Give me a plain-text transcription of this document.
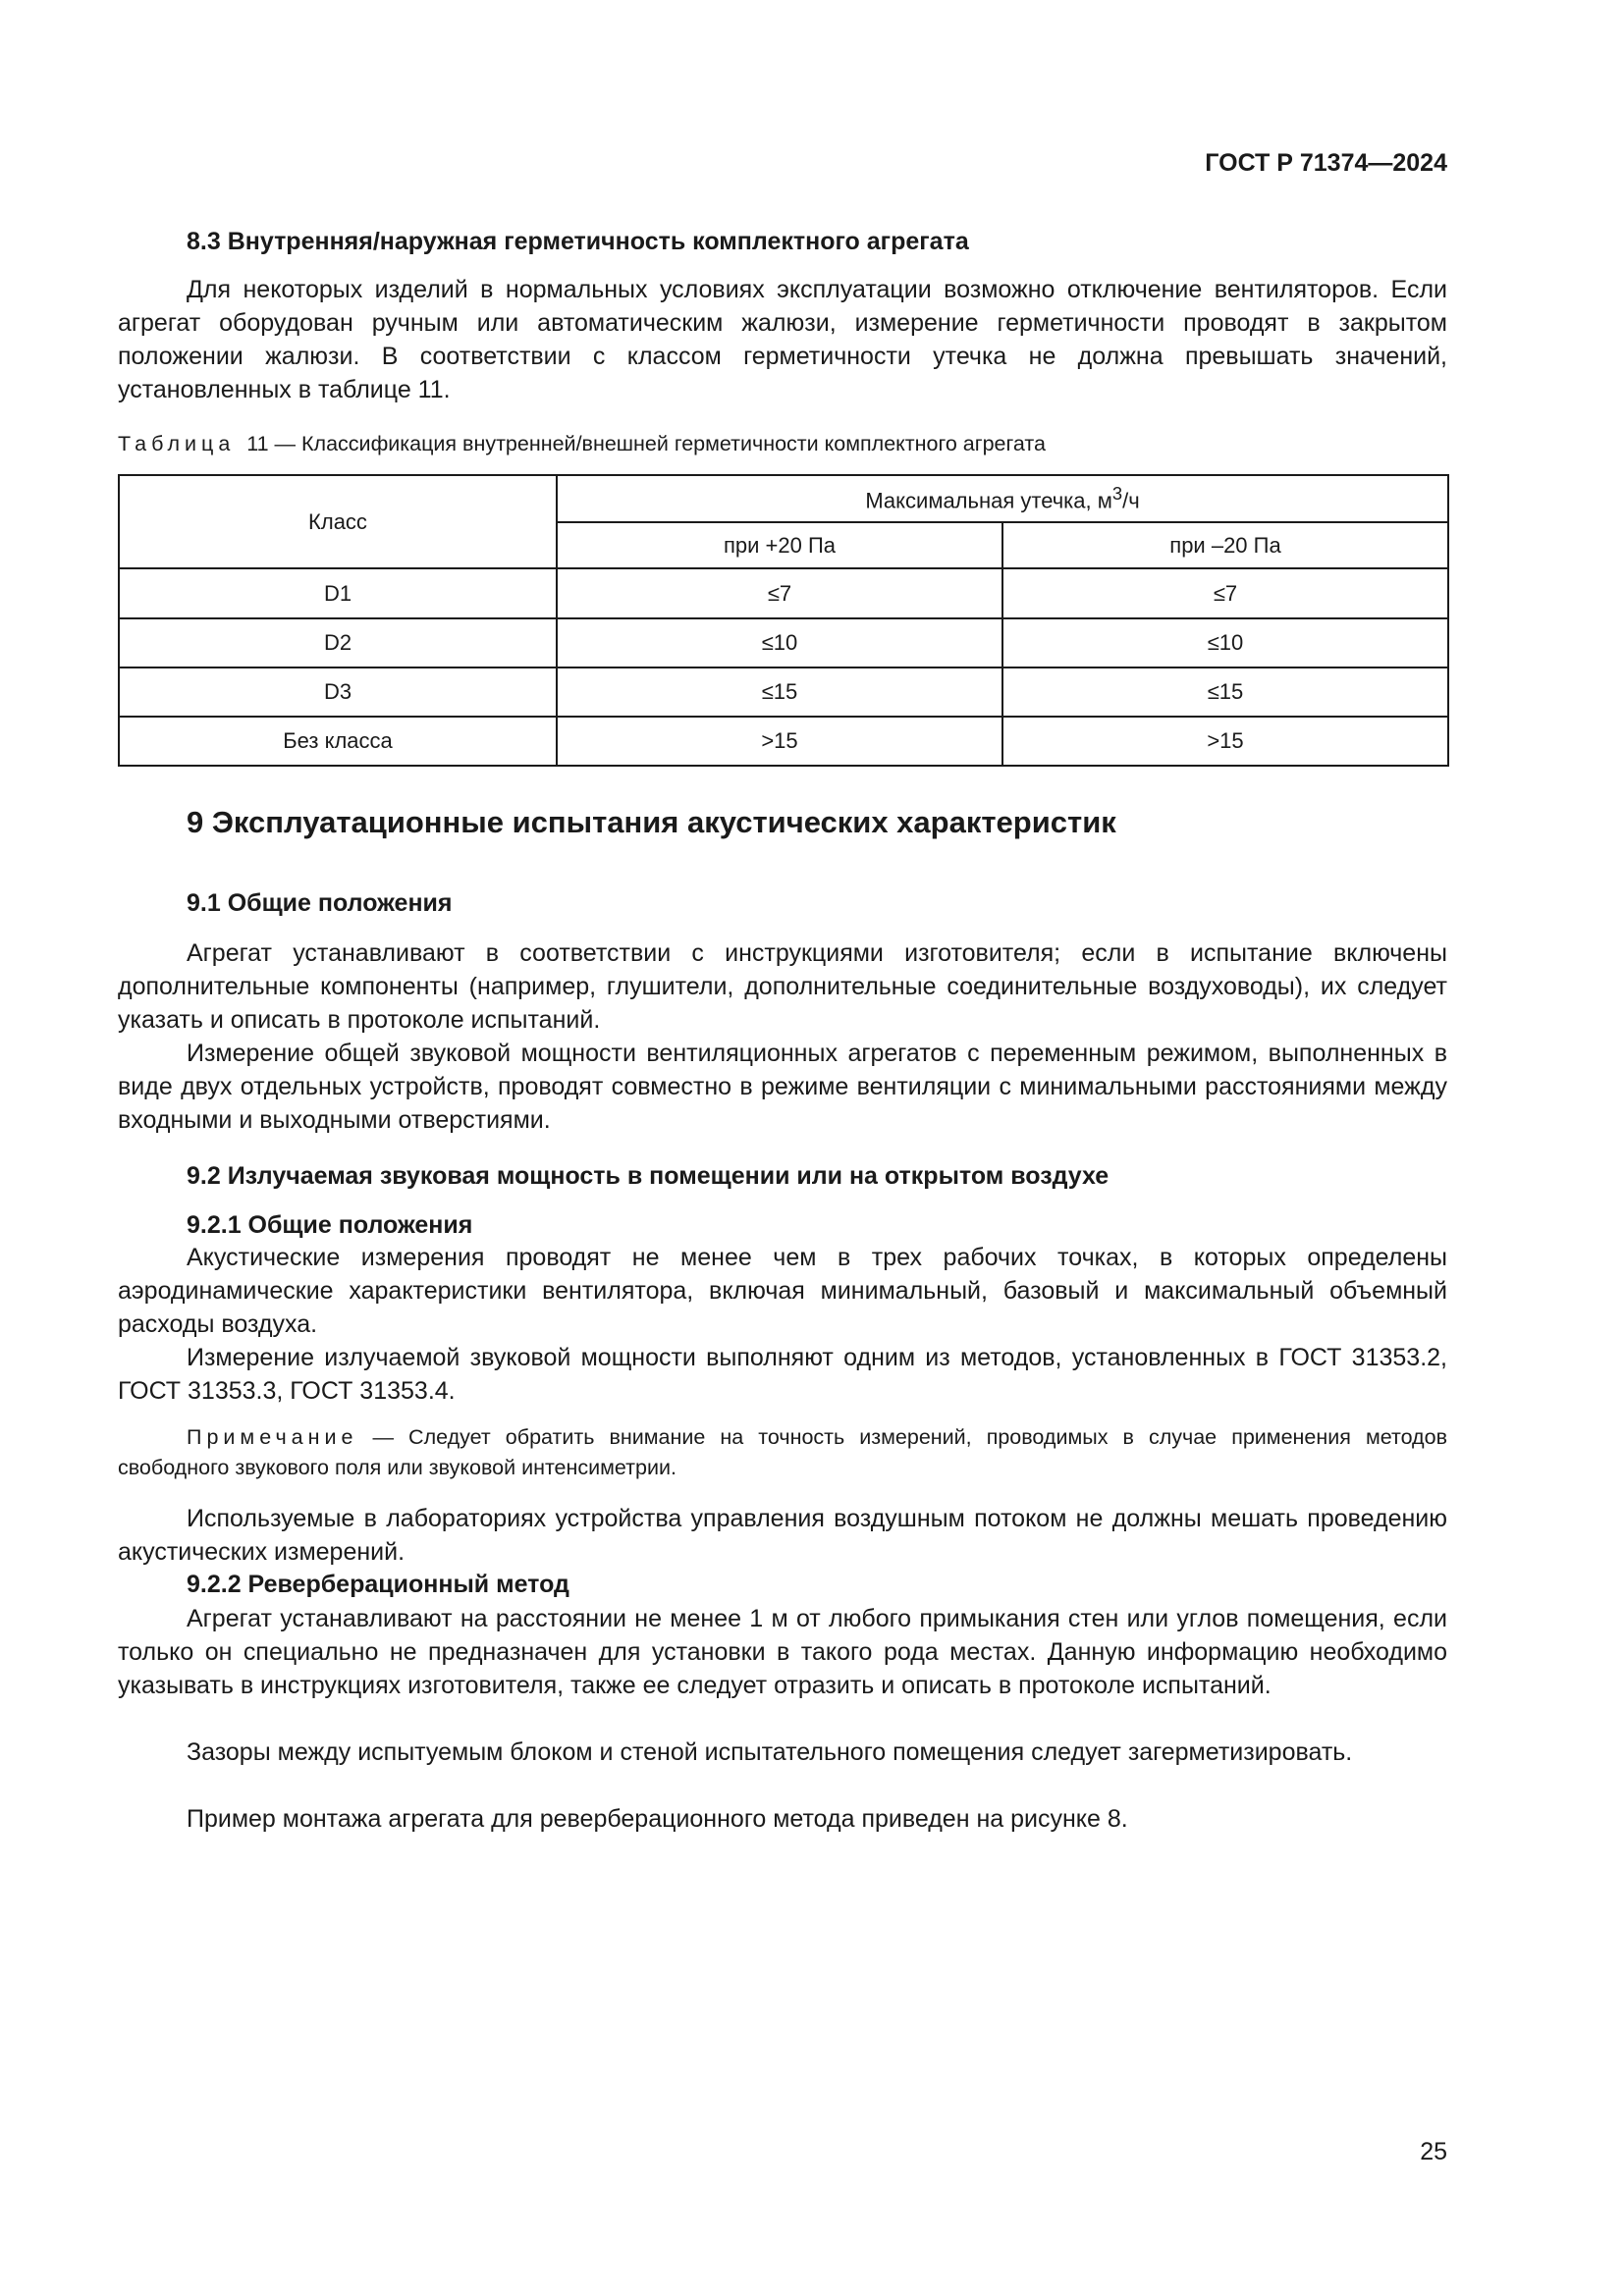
ГОСТ Р 71374—2024
8.3 Внутренняя/наружная герметичность комплектного агрегата

Для некоторых изделий в нормальных условиях эксплуатации возможно отключение вентиляторов. Если агрегат оборудован ручным или автоматическим жалюзи, измерение герметичности проводят в закрытом положении жалюзи. В соответствии с классом герметичности утечка не должна превышать значений, установленных в таблице 11.

Таблица 11 — Классификация внутренней/внешней герметичности комплектного агрегата
Класс	Максимальная утечка, $м^3/ч$	
	при +20 Па	при –20 Па
D1	≤7	≤7
D2	≤10	≤10
D3	≤15	≤15
Без класса	>15	>15
9 Эксплуатационные испытания акустических характеристик
9.1 Общие положения

Агрегат устанавливают в соответствии с инструкциями изготовителя; если в испытание включены дополнительные компоненты (например, глушители, дополнительные соединительные воздуховоды), их следует указать и описать в протоколе испытаний.

Измерение общей звуковой мощности вентиляционных агрегатов с переменным режимом, выполненных в виде двух отдельных устройств, проводят совместно в режиме вентиляции с минимальными расстояниями между входными и выходными отверстиями.

9.2 Излучаемая звуковая мощность в помещении или на открытом воздухе
9.2.1 Общие положения

Акустические измерения проводят не менее чем в трех рабочих точках, в которых определены аэродинамические характеристики вентилятора, включая минимальный, базовый и максимальный объемный расходы воздуха.

Измерение излучаемой звуковой мощности выполняют одним из методов, установленных в ГОСТ 31353.2, ГОСТ 31353.3, ГОСТ 31353.4.

Примечание — Следует обратить внимание на точность измерений, проводимых в случае применения методов свободного звукового поля или звуковой интенсиметрии.

Используемые в лабораториях устройства управления воздушным потоком не должны мешать проведению акустических измерений.

9.2.2 Реверберационный метод

Агрегат устанавливают на расстоянии не менее 1 м от любого примыкания стен или углов помещения, если только он специально не предназначен для установки в такого рода местах. Данную информацию необходимо указывать в инструкциях изготовителя, также ее следует отразить и описать в протоколе испытаний.

Зазоры между испытуемым блоком и стеной испытательного помещения следует загерметизировать.

Пример монтажа агрегата для реверберационного метода приведен на рисунке 8.

25
